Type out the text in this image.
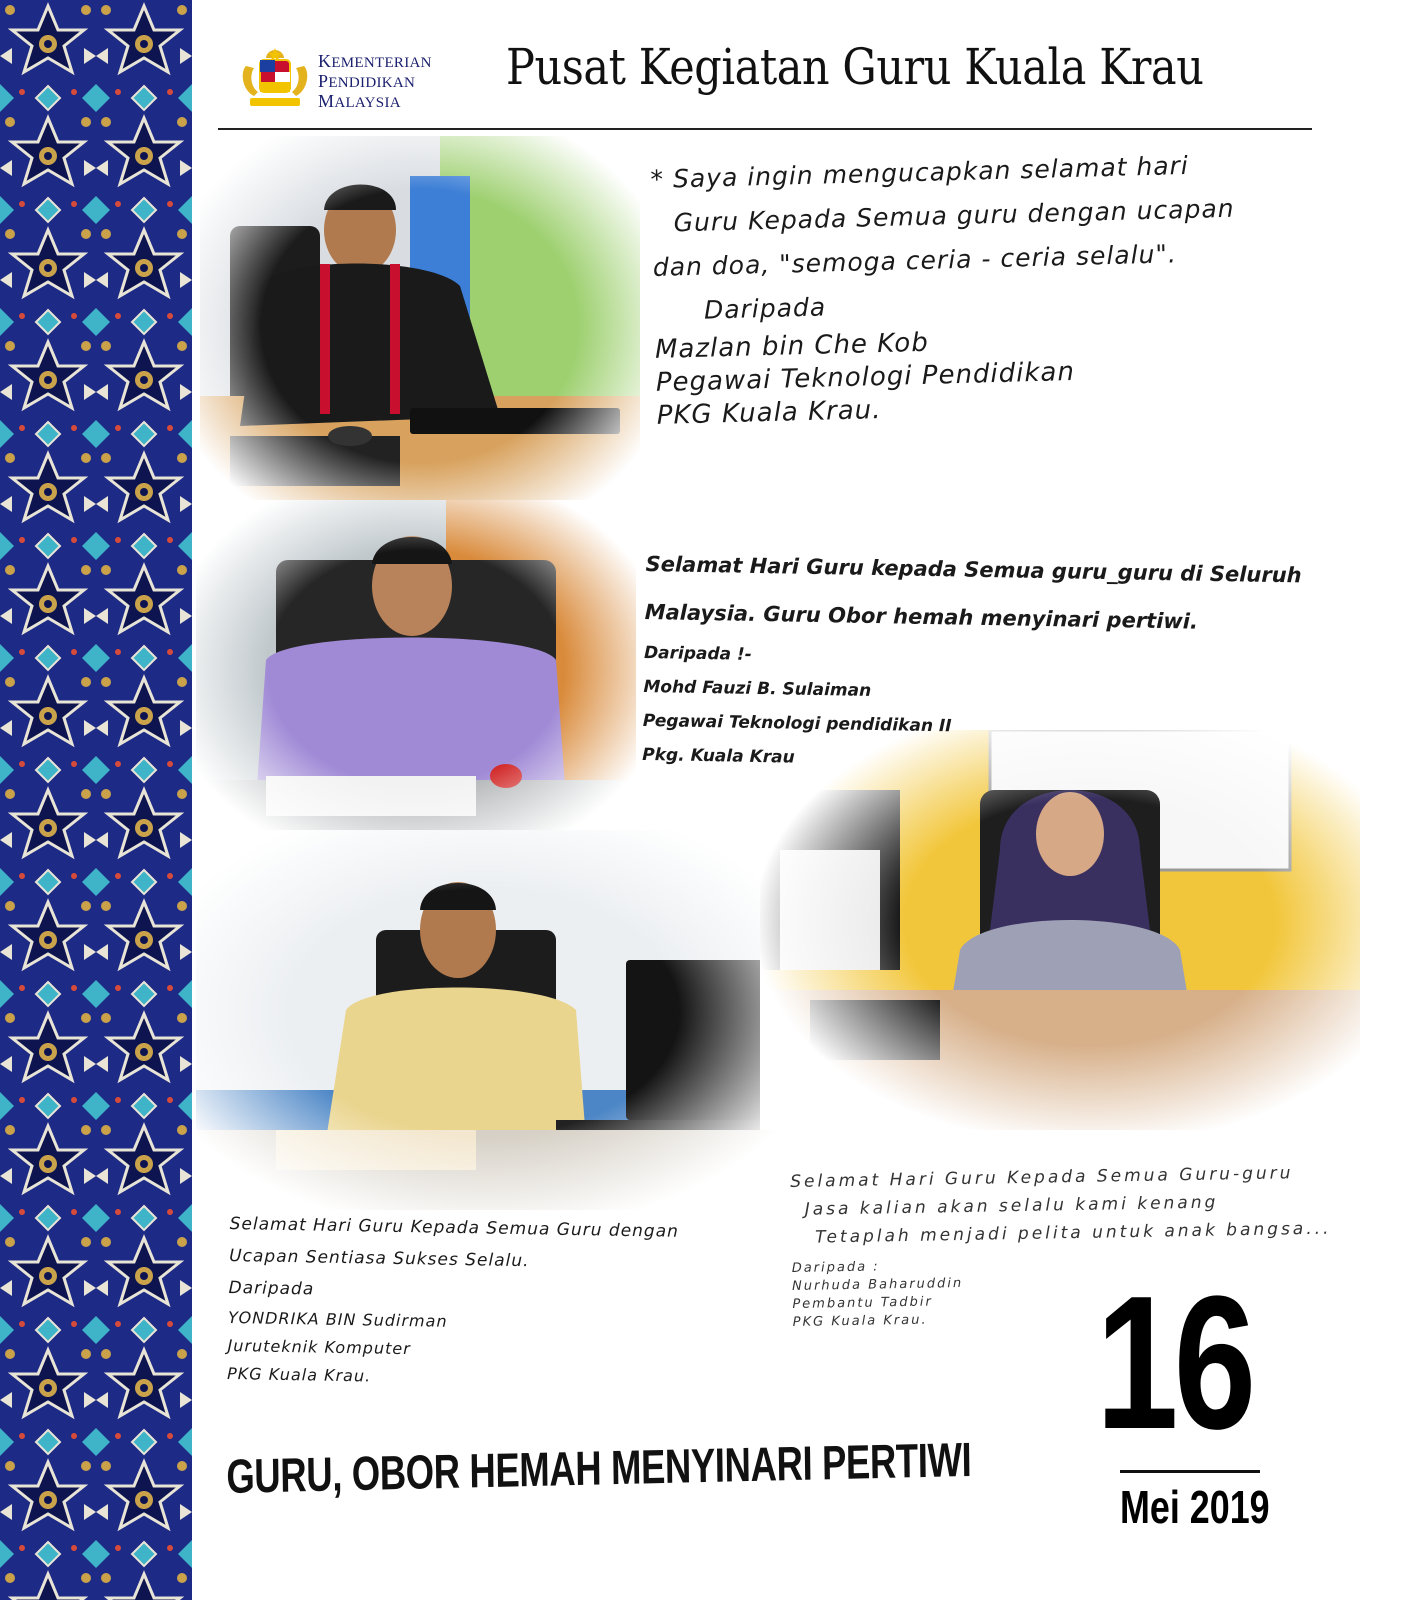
KEMENTERIAN
PENDIDIKAN
MALAYSIA
Pusat Kegiatan Guru Kuala Krau
* Saya ingin mengucapkan selamat hari
Guru Kepada Semua guru dengan ucapan
dan doa, "semoga ceria - ceria selalu".
Daripada
Mazlan bin Che Kob
Pegawai Teknologi Pendidikan
PKG Kuala Krau.
Selamat Hari Guru kepada Semua guru_guru di Seluruh
Malaysia. Guru Obor hemah menyinari pertiwi.
Daripada !-
Mohd Fauzi B. Sulaiman
Pegawai Teknologi pendidikan II
Pkg. Kuala Krau
Selamat Hari Guru Kepada Semua Guru dengan
Ucapan Sentiasa Sukses Selalu.
Daripada
YONDRIKA BIN Sudirman
Juruteknik Komputer
PKG Kuala Krau.
Selamat Hari Guru Kepada Semua Guru-guru
Jasa kalian akan selalu kami kenang
Tetaplah menjadi pelita untuk anak bangsa...
Daripada :
Nurhuda Baharuddin
Pembantu Tadbir
PKG Kuala Krau.
GURU, OBOR HEMAH MENYINARI PERTIWI 16
Mei 2019
